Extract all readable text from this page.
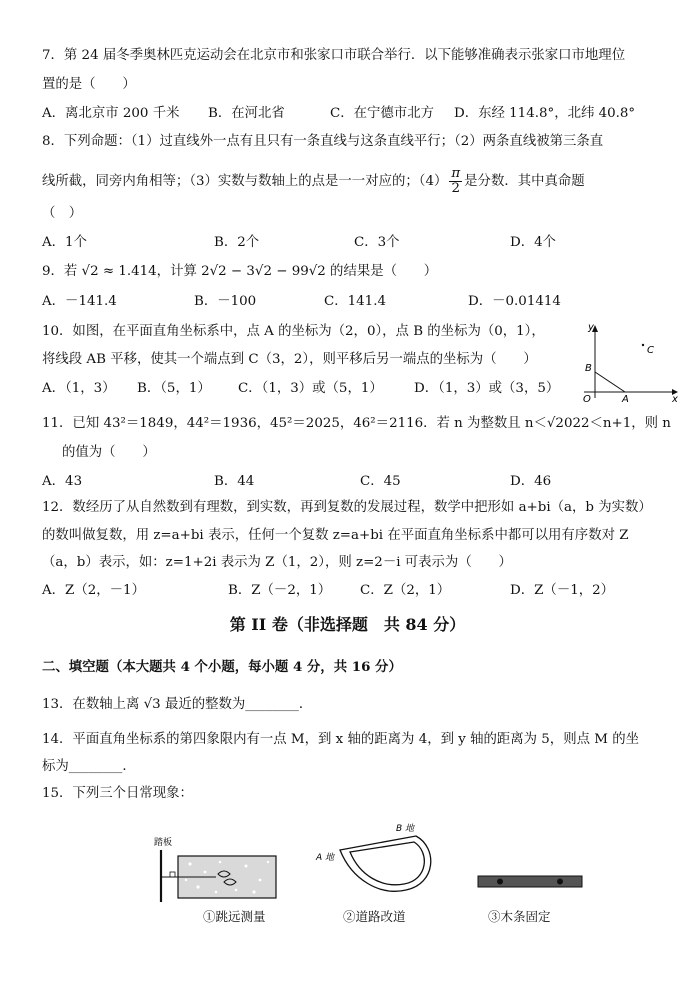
7．第 24 届冬季奥林匹克运动会在北京市和张家口市联合举行．以下能够准确表示张家口市地理位
置的是（　　）
A．离北京市 200 千米 B．在河北省	C．在宁德市北方 D．东经 114.8°，北纬 40.8°
8．下列命题：（1）过直线外一点有且只有一条直线与这条直线平行；（2）两条直线被第三条直
线所截，同旁内角相等；（3）实数与数轴上的点是一一对应的；$(4) \frac{\pi}{2}$ 是分数．其中真命题
（　）
A．1个	B．2个	C．3个	D．4个
9．若 √2 ≈ 1.414，计算 2√2 − 3√2 − 99√2 的结果是（　　）
A．－141.4	B．－100	C．141.4	D．－0.01414
10．如图，在平面直角坐标系中，点 A 的坐标为（2，0），点 B 的坐标为（0，1），
将线段 AB 平移，使其一个端点到 C（3，2），则平移后另一端点的坐标为（　　）
A．（1，3） B．（5，1） C．（1，3）或（5，1） D．（1，3）或（3，5）
y
x
O	A
B
C
11．已知 43²＝1849，44²＝1936，45²＝2025，46²＝2116．若 n 为整数且 n＜√2022＜n+1，则 n
的值为（　　）
A．43	B．44	C．45	D．46
12．数经历了从自然数到有理数，到实数，再到复数的发展过程，数学中把形如 a+bi（a，b 为实数）
的数叫做复数，用 z=a+bi 表示，任何一个复数 z=a+bi 在平面直角坐标系中都可以用有序数对 Z
（a，b）表示，如：z=1+2i 表示为 Z（1，2），则 z=2－i 可表示为（　　）
A．Z（2，－1）	B．Z（－2，1） C．Z（2，1）	D．Z（－1，2）
第 II 卷（非选择题　共 84 分）
二、填空题（本大题共 4 个小题，每小题 4 分，共 16 分）
13．在数轴上离 √3 最近的整数为________．
14．平面直角坐标系的第四象限内有一点 M，到 x 轴的距离为 4，到 y 轴的距离为 5，则点 M 的坐
标为________．
15．下列三个日常现象：
踏板
B 地
A 地
①跳远测量	②道路改道	③木条固定
